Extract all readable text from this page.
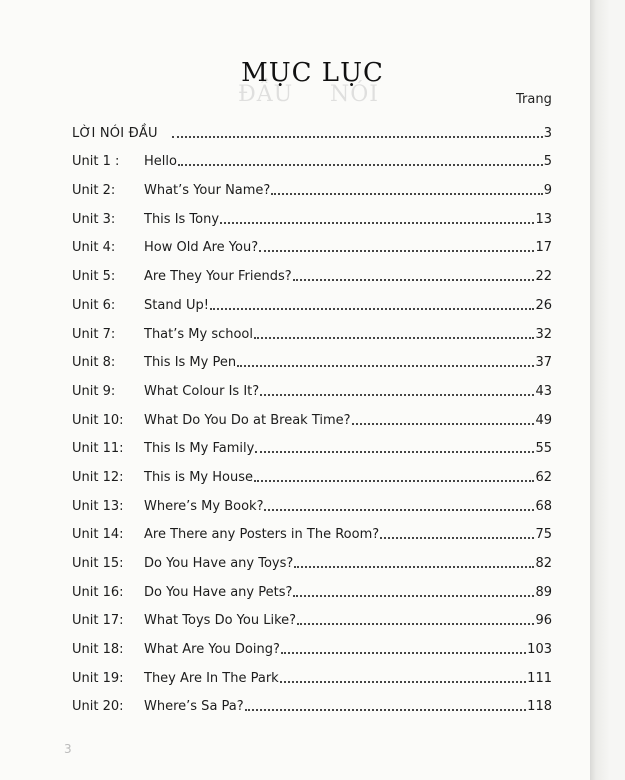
ĐẦU NÓI
MỤC LỤC
Trang
LỜI NÓI ĐẦU	3
Unit 1 :	Hello	5
Unit 2:	What’s Your Name?	9
Unit 3:	This Is Tony	13
Unit 4:	How Old Are You?	17
Unit 5:	Are They Your Friends?	22
Unit 6:	Stand Up!	26
Unit 7:	That’s My school	32
Unit 8:	This Is My Pen	37
Unit 9:	What Colour Is It?	43
Unit 10:	What Do You Do at Break Time?	49
Unit 11:	This Is My Family	55
Unit 12:	This is My House	62
Unit 13:	Where’s My Book?	68
Unit 14:	Are There any Posters in The Room?	75
Unit 15:	Do You Have any Toys?	82
Unit 16:	Do You Have any Pets?	89
Unit 17:	What Toys Do You Like?	96
Unit 18:	What Are You Doing?	103
Unit 19:	They Are In The Park	111
Unit 20:	Where’s Sa Pa?	118
3
